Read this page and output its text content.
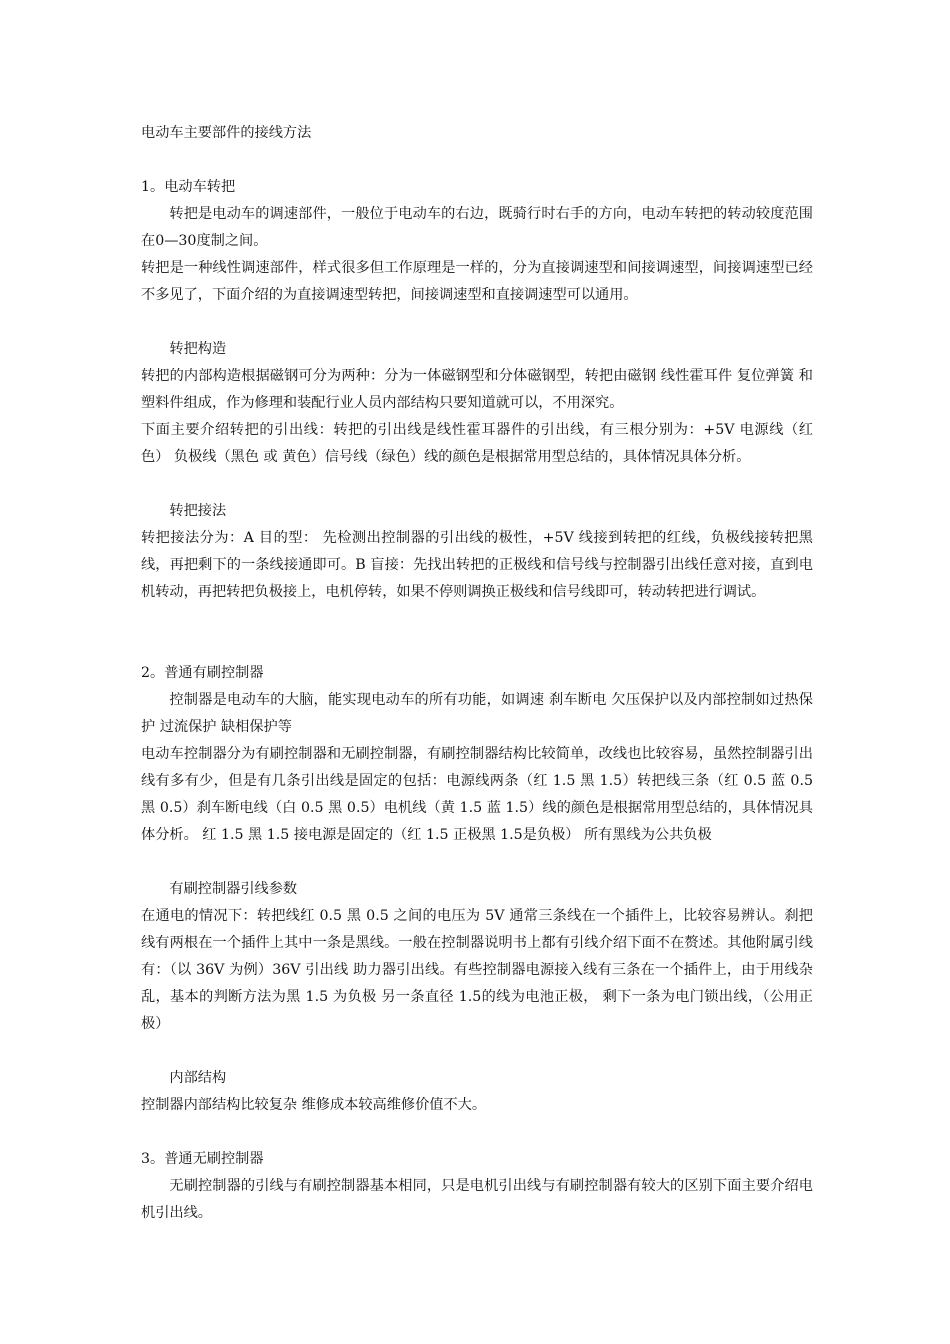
电动车主要部件的接线方法

1。电动车转把

转把是电动车的调速部件，一般位于电动车的右边，既骑行时右手的方向，电动车转把的转动较度范围在0—30度制之间。

转把是一种线性调速部件，样式很多但工作原理是一样的，分为直接调速型和间接调速型，间接调速型已经不多见了，下面介绍的为直接调速型转把，间接调速型和直接调速型可以通用。

转把构造

转把的内部构造根据磁钢可分为两种：分为一体磁钢型和分体磁钢型，转把由磁钢 线性霍耳件 复位弹簧 和塑料件组成，作为修理和装配行业人员内部结构只要知道就可以，不用深究。

下面主要介绍转把的引出线：转把的引出线是线性霍耳器件的引出线，有三根分别为：+5V 电源线（红色） 负极线（黑色 或 黄色）信号线（绿色）线的颜色是根据常用型总结的，具体情况具体分析。

转把接法

转把接法分为：A 目的型： 先检测出控制器的引出线的极性，+5V 线接到转把的红线，负极线接转把黑线，再把剩下的一条线接通即可。B 盲接：先找出转把的正极线和信号线与控制器引出线任意对接，直到电机转动，再把转把负极接上，电机停转，如果不停则调换正极线和信号线即可，转动转把进行调试。

2。普通有刷控制器

控制器是电动车的大脑，能实现电动车的所有功能，如调速 刹车断电 欠压保护以及内部控制如过热保护 过流保护 缺相保护等

电动车控制器分为有刷控制器和无刷控制器，有刷控制器结构比较简单，改线也比较容易，虽然控制器引出线有多有少，但是有几条引出线是固定的包括：电源线两条（红 1.5 黑 1.5）转把线三条（红 0.5 蓝 0.5 黑 0.5）刹车断电线（白 0.5 黑 0.5）电机线（黄 1.5 蓝 1.5）线的颜色是根据常用型总结的，具体情况具体分析。 红 1.5 黑 1.5 接电源是固定的（红 1.5 正极黑 1.5是负极） 所有黑线为公共负极

有刷控制器引线参数

在通电的情况下：转把线红 0.5 黑 0.5 之间的电压为 5V 通常三条线在一个插件上，比较容易辨认。刹把线有两根在一个插件上其中一条是黑线。一般在控制器说明书上都有引线介绍下面不在赘述。其他附属引线有：（以 36V 为例）36V 引出线 助力器引出线。有些控制器电源接入线有三条在一个插件上，由于用线杂乱，基本的判断方法为黑 1.5 为负极 另一条直径 1.5的线为电池正极， 剩下一条为电门锁出线，（公用正极）

内部结构

控制器内部结构比较复杂 维修成本较高维修价值不大。

3。普通无刷控制器

无刷控制器的引线与有刷控制器基本相同，只是电机引出线与有刷控制器有较大的区别下面主要介绍电机引出线。
